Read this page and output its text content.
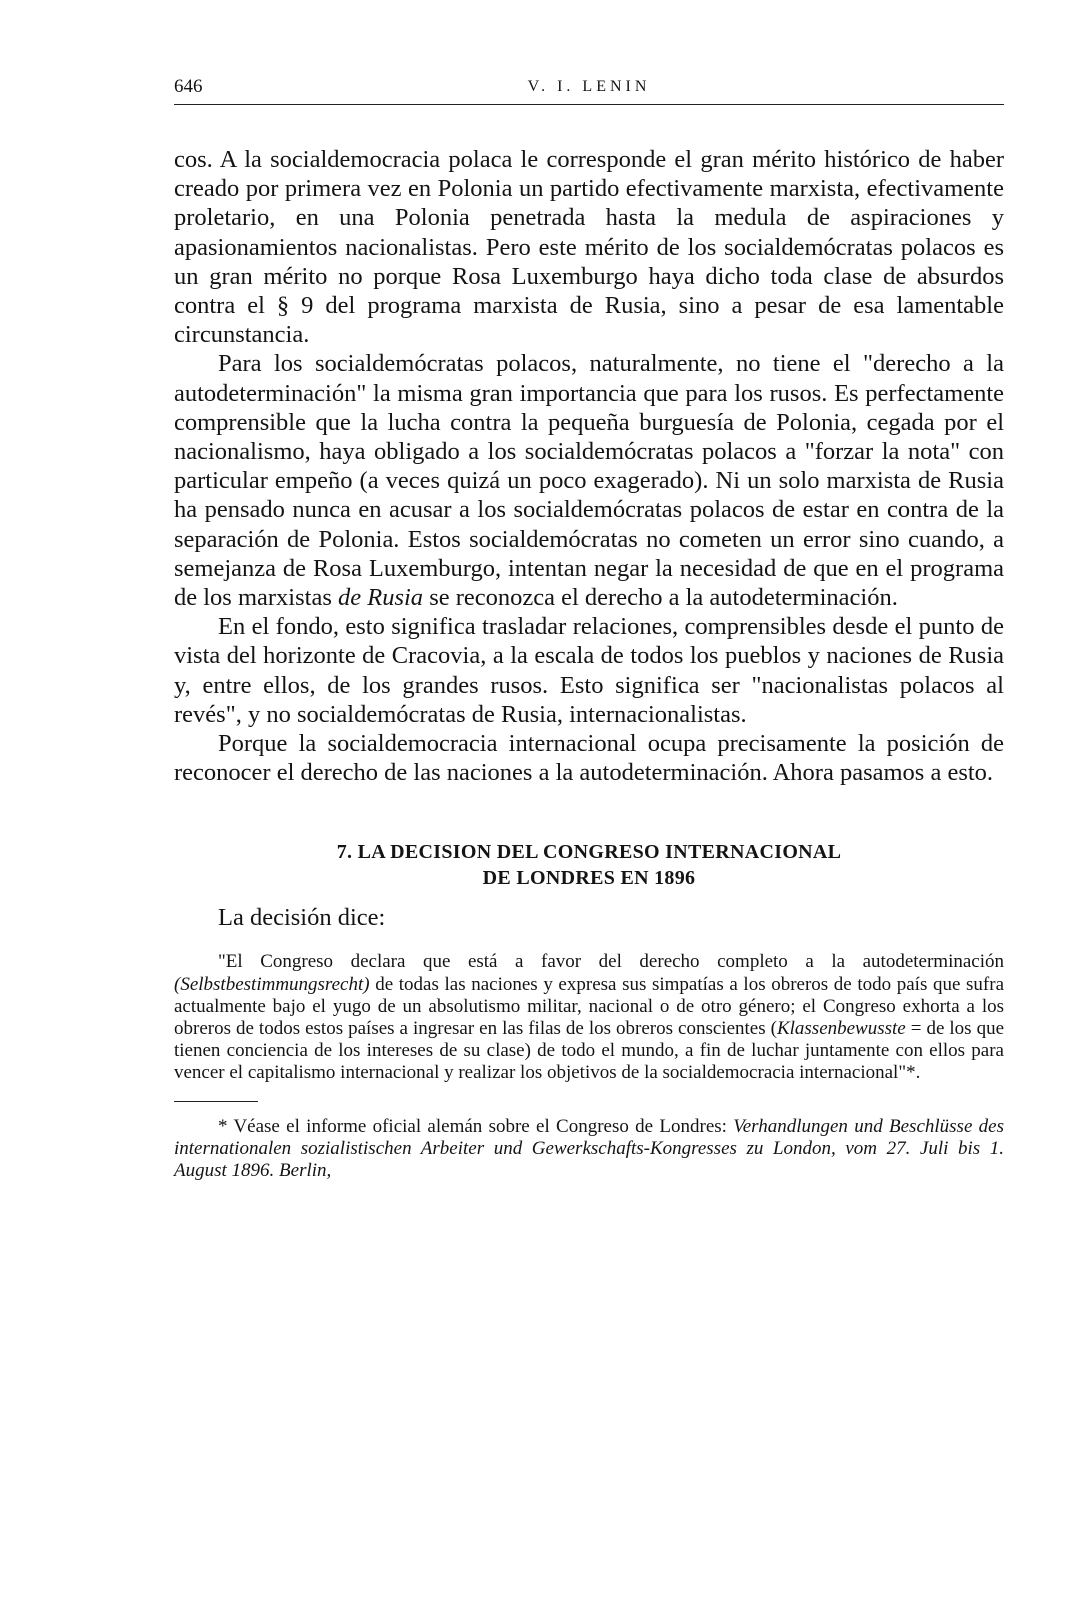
646	V. I. LENIN

cos. A la socialdemocracia polaca le corresponde el gran mérito histórico de haber creado por primera vez en Polonia un partido efectivamente marxista, efectivamente proletario, en una Polonia penetrada hasta la medula de aspiraciones y apasionamientos nacionalistas. Pero este mérito de los socialdemócratas polacos es un gran mérito no porque Rosa Luxemburgo haya dicho toda clase de absurdos contra el § 9 del programa marxista de Rusia, sino a pesar de esa lamentable circunstancia.

Para los socialdemócratas polacos, naturalmente, no tiene el "derecho a la autodeterminación" la misma gran importancia que para los rusos. Es perfectamente comprensible que la lucha contra la pequeña burguesía de Polonia, cegada por el nacionalismo, haya obligado a los socialdemócratas polacos a "forzar la nota" con particular empeño (a veces quizá un poco exagerado). Ni un solo marxista de Rusia ha pensado nunca en acusar a los socialdemócratas polacos de estar en contra de la separación de Polonia. Estos socialdemócratas no cometen un error sino cuando, a semejanza de Rosa Luxemburgo, intentan negar la necesidad de que en el programa de los marxistas de Rusia se reconozca el derecho a la autodeterminación.

En el fondo, esto significa trasladar relaciones, comprensibles desde el punto de vista del horizonte de Cracovia, a la escala de todos los pueblos y naciones de Rusia y, entre ellos, de los grandes rusos. Esto significa ser "nacionalistas polacos al revés", y no socialdemócratas de Rusia, internacionalistas.

Porque la socialdemocracia internacional ocupa precisamente la posición de reconocer el derecho de las naciones a la autodeterminación. Ahora pasamos a esto.

7. LA DECISION DEL CONGRESO INTERNACIONAL
DE LONDRES EN 1896
La decisión dice:

"El Congreso declara que está a favor del derecho completo a la autodeterminación (Selbstbestimmungsrecht) de todas las naciones y expresa sus simpatías a los obreros de todo país que sufra actualmente bajo el yugo de un absolutismo militar, nacional o de otro género; el Congreso exhorta a los obreros de todos estos países a ingresar en las filas de los obreros conscientes (Klassenbewusste = de los que tienen conciencia de los intereses de su clase) de todo el mundo, a fin de luchar juntamente con ellos para vencer el capitalismo internacional y realizar los objetivos de la socialdemocracia internacional"*.

* Véase el informe oficial alemán sobre el Congreso de Londres: Verhandlungen und Beschlüsse des internationalen sozialistischen Arbeiter und Gewerkschafts-Kongresses zu London, vom 27. Juli bis 1. August 1896. Berlin,
